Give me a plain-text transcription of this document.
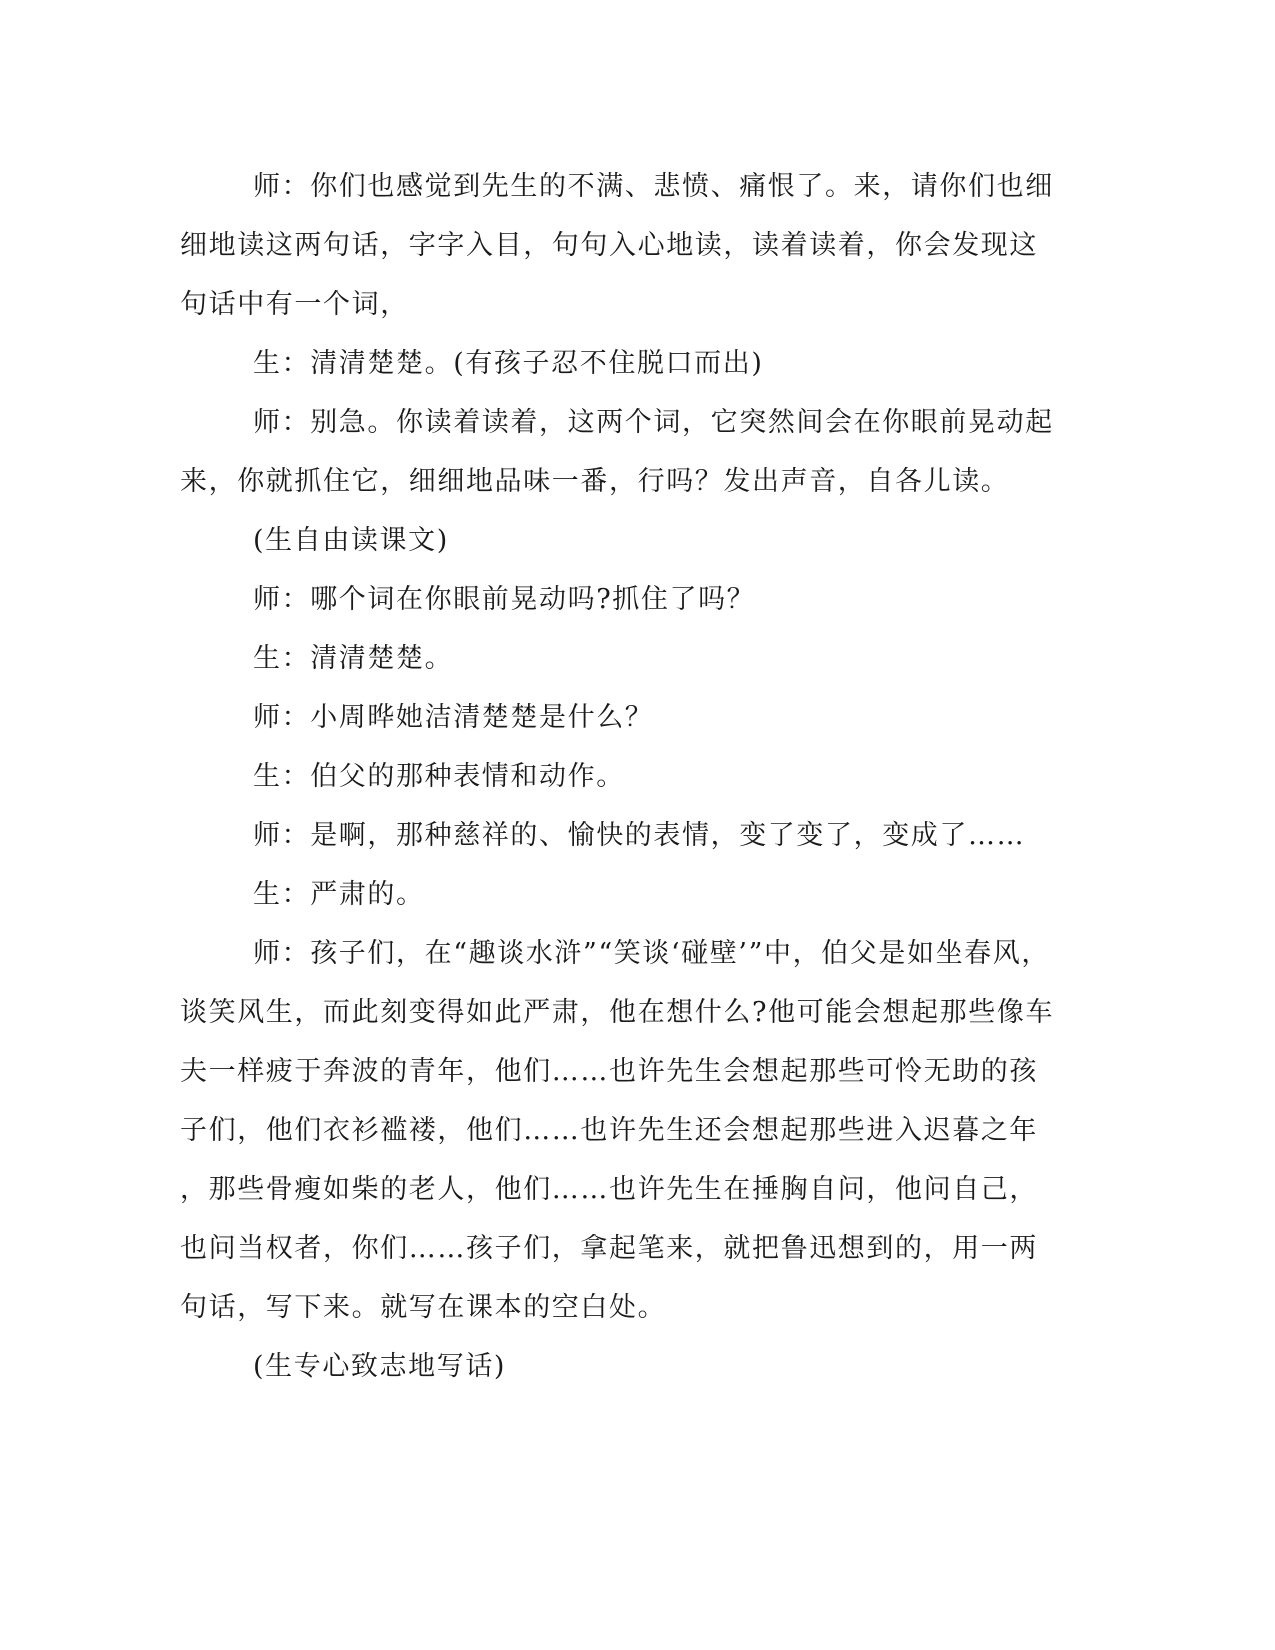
师：你们也感觉到先生的不满、悲愤、痛恨了。来，请你们也细

细地读这两句话，字字入目，句句入心地读，读着读着，你会发现这

句话中有一个词，

生：清清楚楚。(有孩子忍不住脱口而出)

师：别急。你读着读着，这两个词，它突然间会在你眼前晃动起

来，你就抓住它，细细地品味一番，行吗？发出声音，自各儿读。

(生自由读课文)

师：哪个词在你眼前晃动吗?抓住了吗？

生：清清楚楚。

师：小周晔她洁清楚楚是什么？

生：伯父的那种表情和动作。

师：是啊，那种慈祥的、愉快的表情，变了变了，变成了……

生：严肃的。

师：孩子们，在“趣谈水浒”“笑谈‘碰壁’”中，伯父是如坐春风，

谈笑风生，而此刻变得如此严肃，他在想什么?他可能会想起那些像车

夫一样疲于奔波的青年，他们……也许先生会想起那些可怜无助的孩

子们，他们衣衫褴褛，他们……也许先生还会想起那些进入迟暮之年

，那些骨瘦如柴的老人，他们……也许先生在捶胸自问，他问自己，

也问当权者，你们……孩子们，拿起笔来，就把鲁迅想到的，用一两

句话，写下来。就写在课本的空白处。

(生专心致志地写话)
